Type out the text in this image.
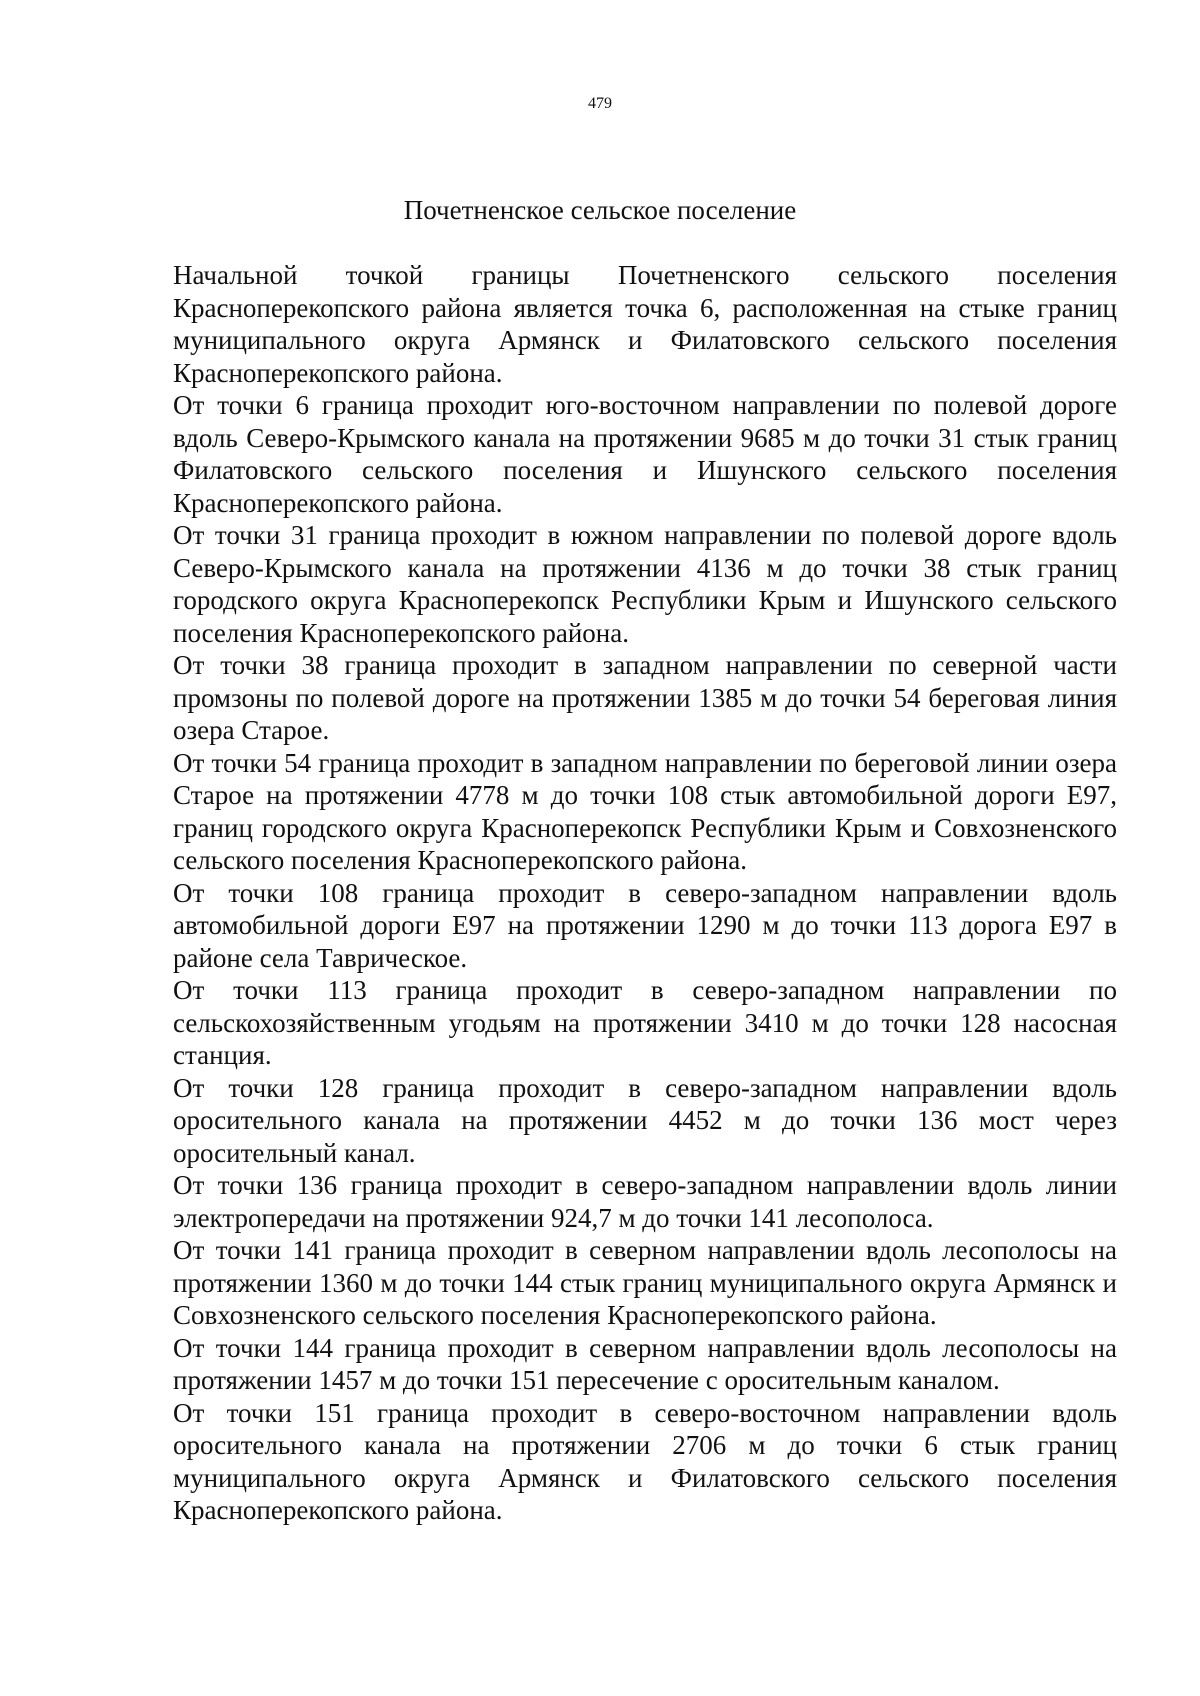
479
Почетненское сельское поселение

Начальной точкой границы Почетненского сельского поселения Красноперекопского района является точка 6, расположенная на стыке границ муниципального округа Армянск и Филатовского сельского поселения Красноперекопского района.

От точки 6 граница проходит юго-восточном направлении по полевой дороге вдоль Северо-Крымского канала на протяжении 9685 м до точки 31 стык границ Филатовского сельского поселения и Ишунского сельского поселения Красноперекопского района.

От точки 31 граница проходит в южном направлении по полевой дороге вдоль Северо-Крымского канала на протяжении 4136 м до точки 38 стык границ городского округа Красноперекопск Республики Крым и Ишунского сельского поселения Красноперекопского района.

От точки 38 граница проходит в западном направлении по северной части промзоны по полевой дороге на протяжении 1385 м до точки 54 береговая линия озера Старое.

От точки 54 граница проходит в западном направлении по береговой линии озера Старое на протяжении 4778 м до точки 108 стык автомобильной дороги Е97, границ городского округа Красноперекопск Республики Крым и Совхозненского сельского поселения Красноперекопского района.

От точки 108 граница проходит в северо-западном направлении вдоль автомобильной дороги Е97 на протяжении 1290 м до точки 113 дорога Е97 в районе села Таврическое.

От точки 113 граница проходит в северо-западном направлении по сельскохозяйственным угодьям на протяжении 3410 м до точки 128 насосная станция.

От точки 128 граница проходит в северо-западном направлении вдоль оросительного канала на протяжении 4452 м до точки 136 мост через оросительный канал.

От точки 136 граница проходит в северо-западном направлении вдоль линии электропередачи на протяжении 924,7 м до точки 141 лесополоса.

От точки 141 граница проходит в северном направлении вдоль лесополосы на протяжении 1360 м до точки 144 стык границ муниципального округа Армянск и Совхозненского сельского поселения Красноперекопского района.

От точки 144 граница проходит в северном направлении вдоль лесополосы на протяжении 1457 м до точки 151 пересечение с оросительным каналом.

От точки 151 граница проходит в северо-восточном направлении вдоль оросительного канала на протяжении 2706 м до точки 6 стык границ муниципального округа Армянск и Филатовского сельского поселения Красноперекопского района.
